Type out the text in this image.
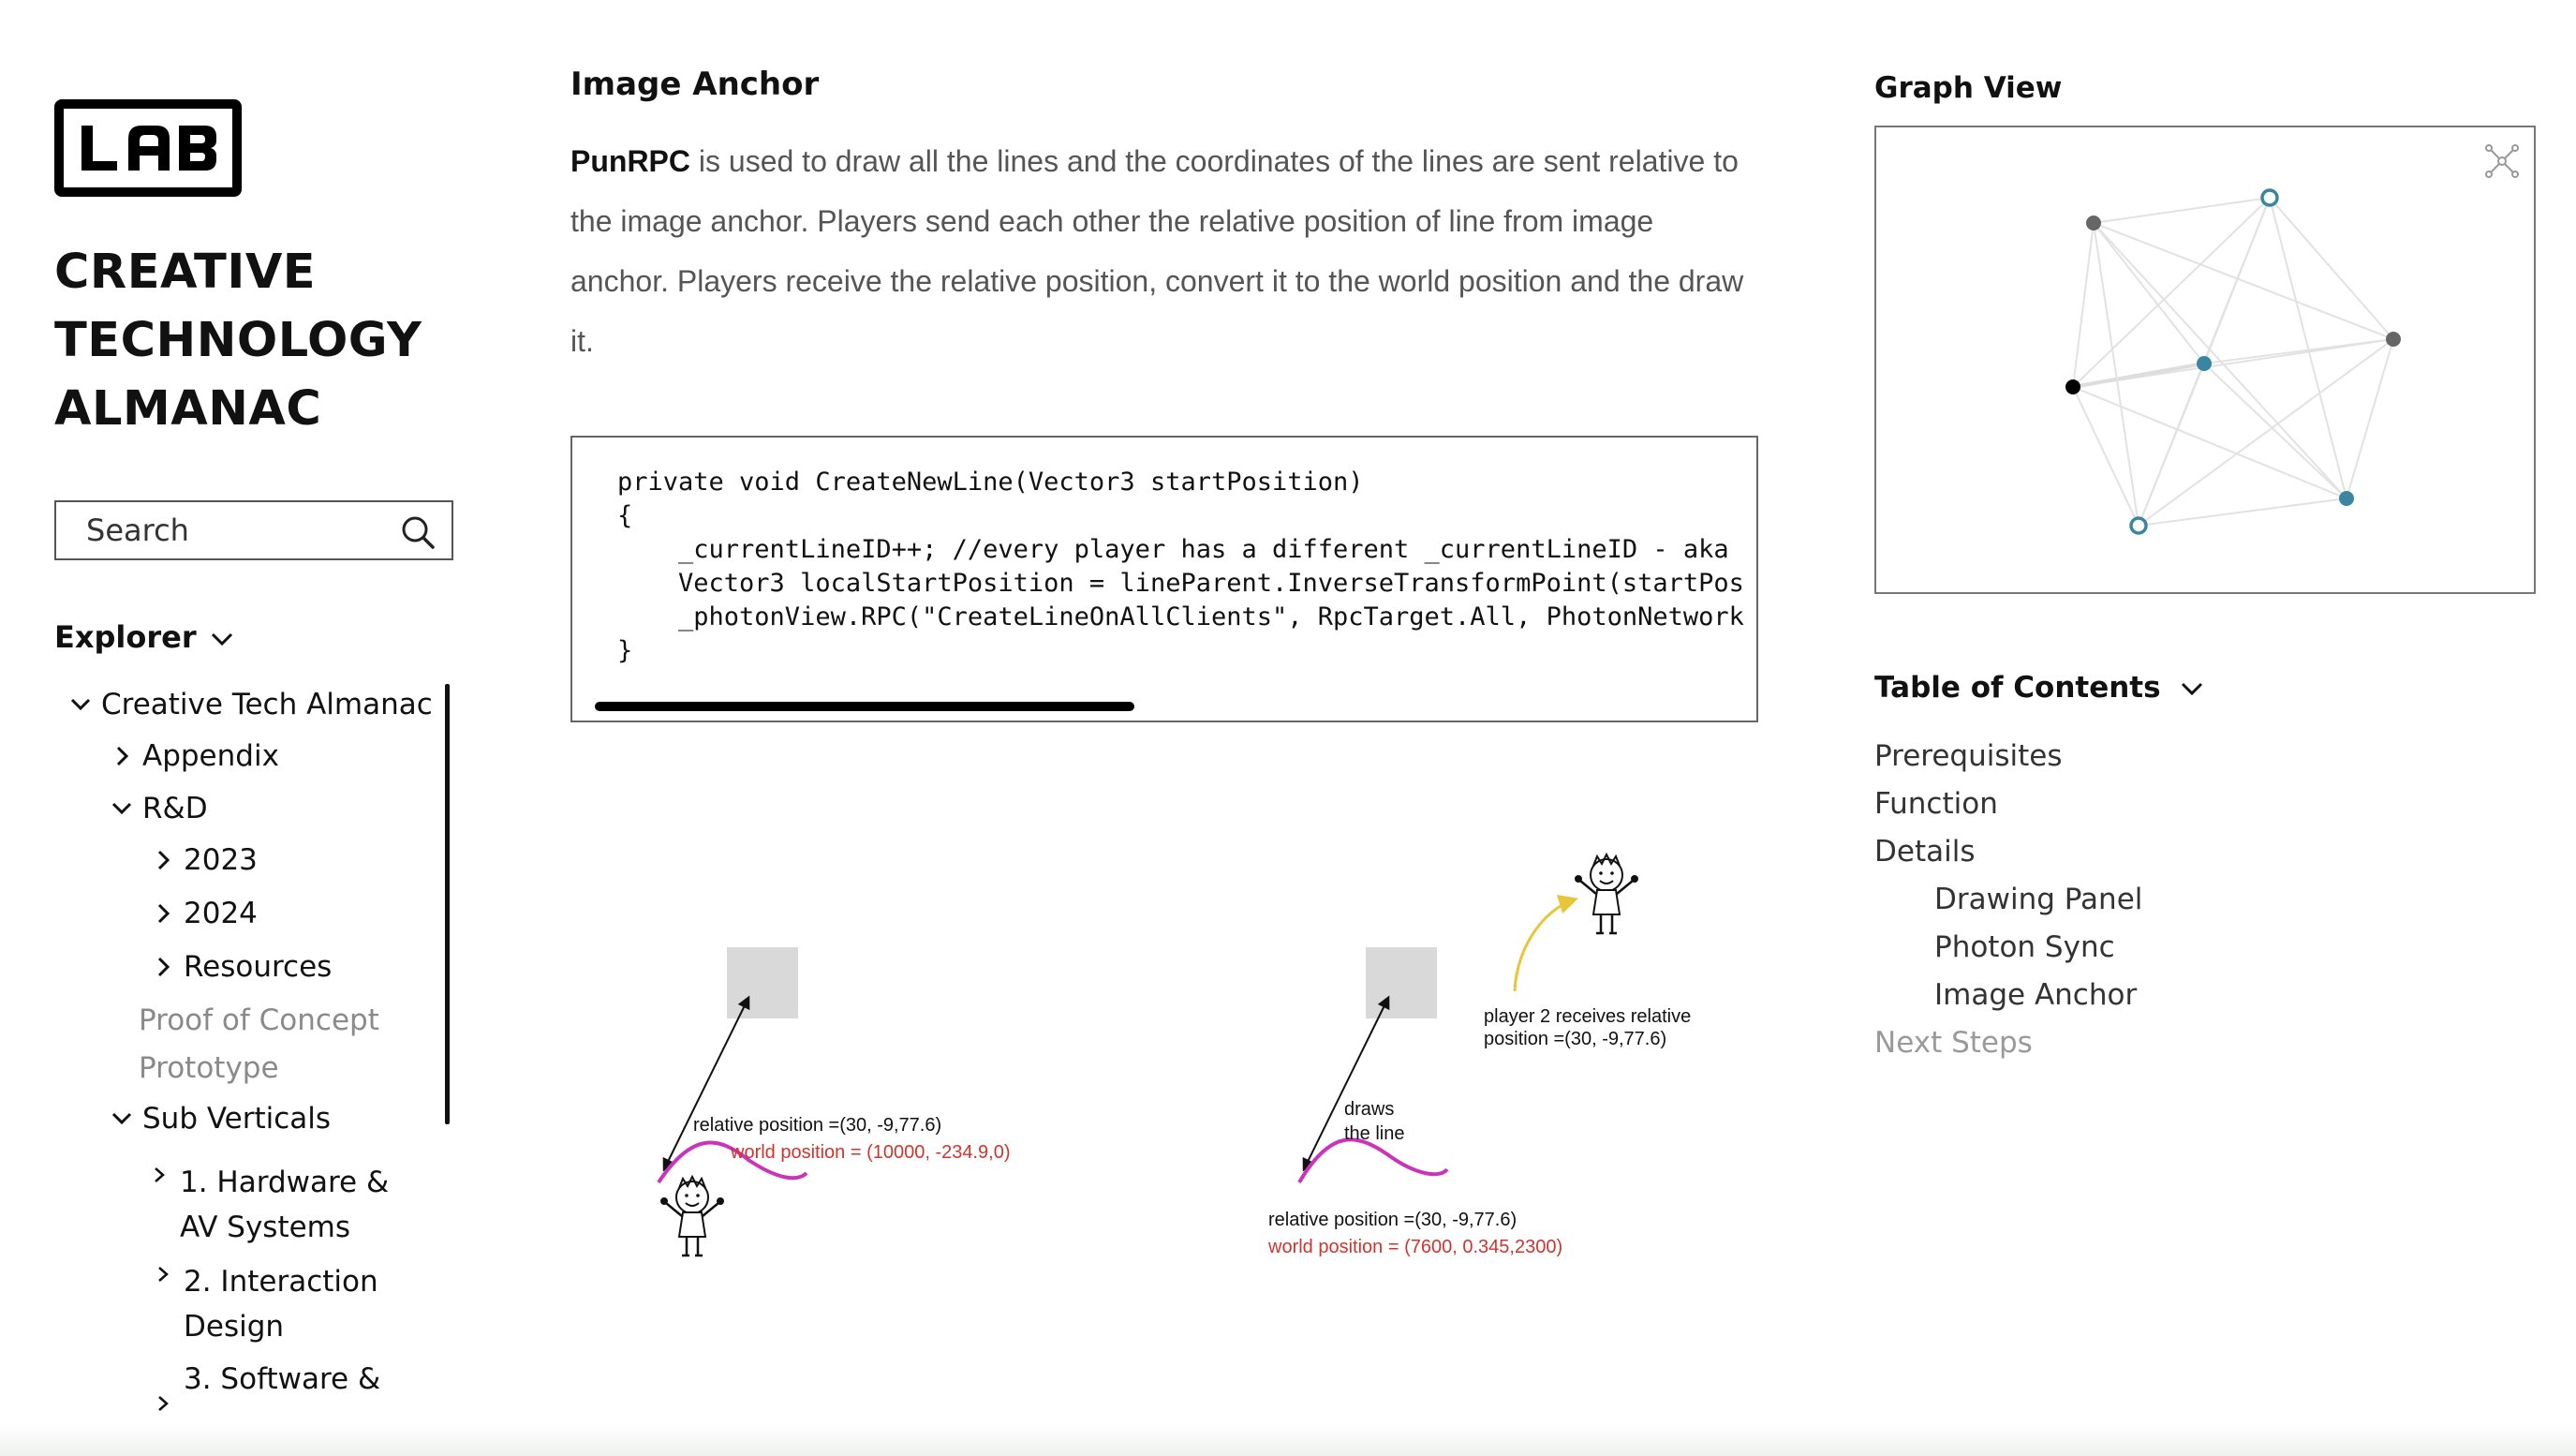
CREATIVE
TECHNOLOGY
ALMANAC
Search
Explorer
Creative Tech Almanac
Appendix
R&D
2023
2024
Resources
Proof of Concept
Prototype
Sub Verticals
1. Hardware & AV Systems
2. Interaction Design
3. Software &
Image Anchor

PunRPC is used to draw all the lines and the coordinates of the lines are sent relative to the image anchor. Players send each other the relative position of line from image anchor. Players receive the relative position, convert it to the world position and the draw it.

private void CreateNewLine(Vector3 startPosition)
{
_currentLineID++; //every player has a different _currentLineID - aka
Vector3 localStartPosition = lineParent.InverseTransformPoint(startPos
_photonView.RPC("CreateLineOnAllClients", RpcTarget.All, PhotonNetwork
}
relative position =(30, -9,77.6)
world position = (10000, -234.9,0)
draws
the line
relative position =(30, -9,77.6)
world position = (7600, 0.345,2300)
player 2 receives relative
position =(30, -9,77.6)
Graph View
Table of Contents
Prerequisites
Function
Details
Drawing Panel
Photon Sync
Image Anchor
Next Steps
